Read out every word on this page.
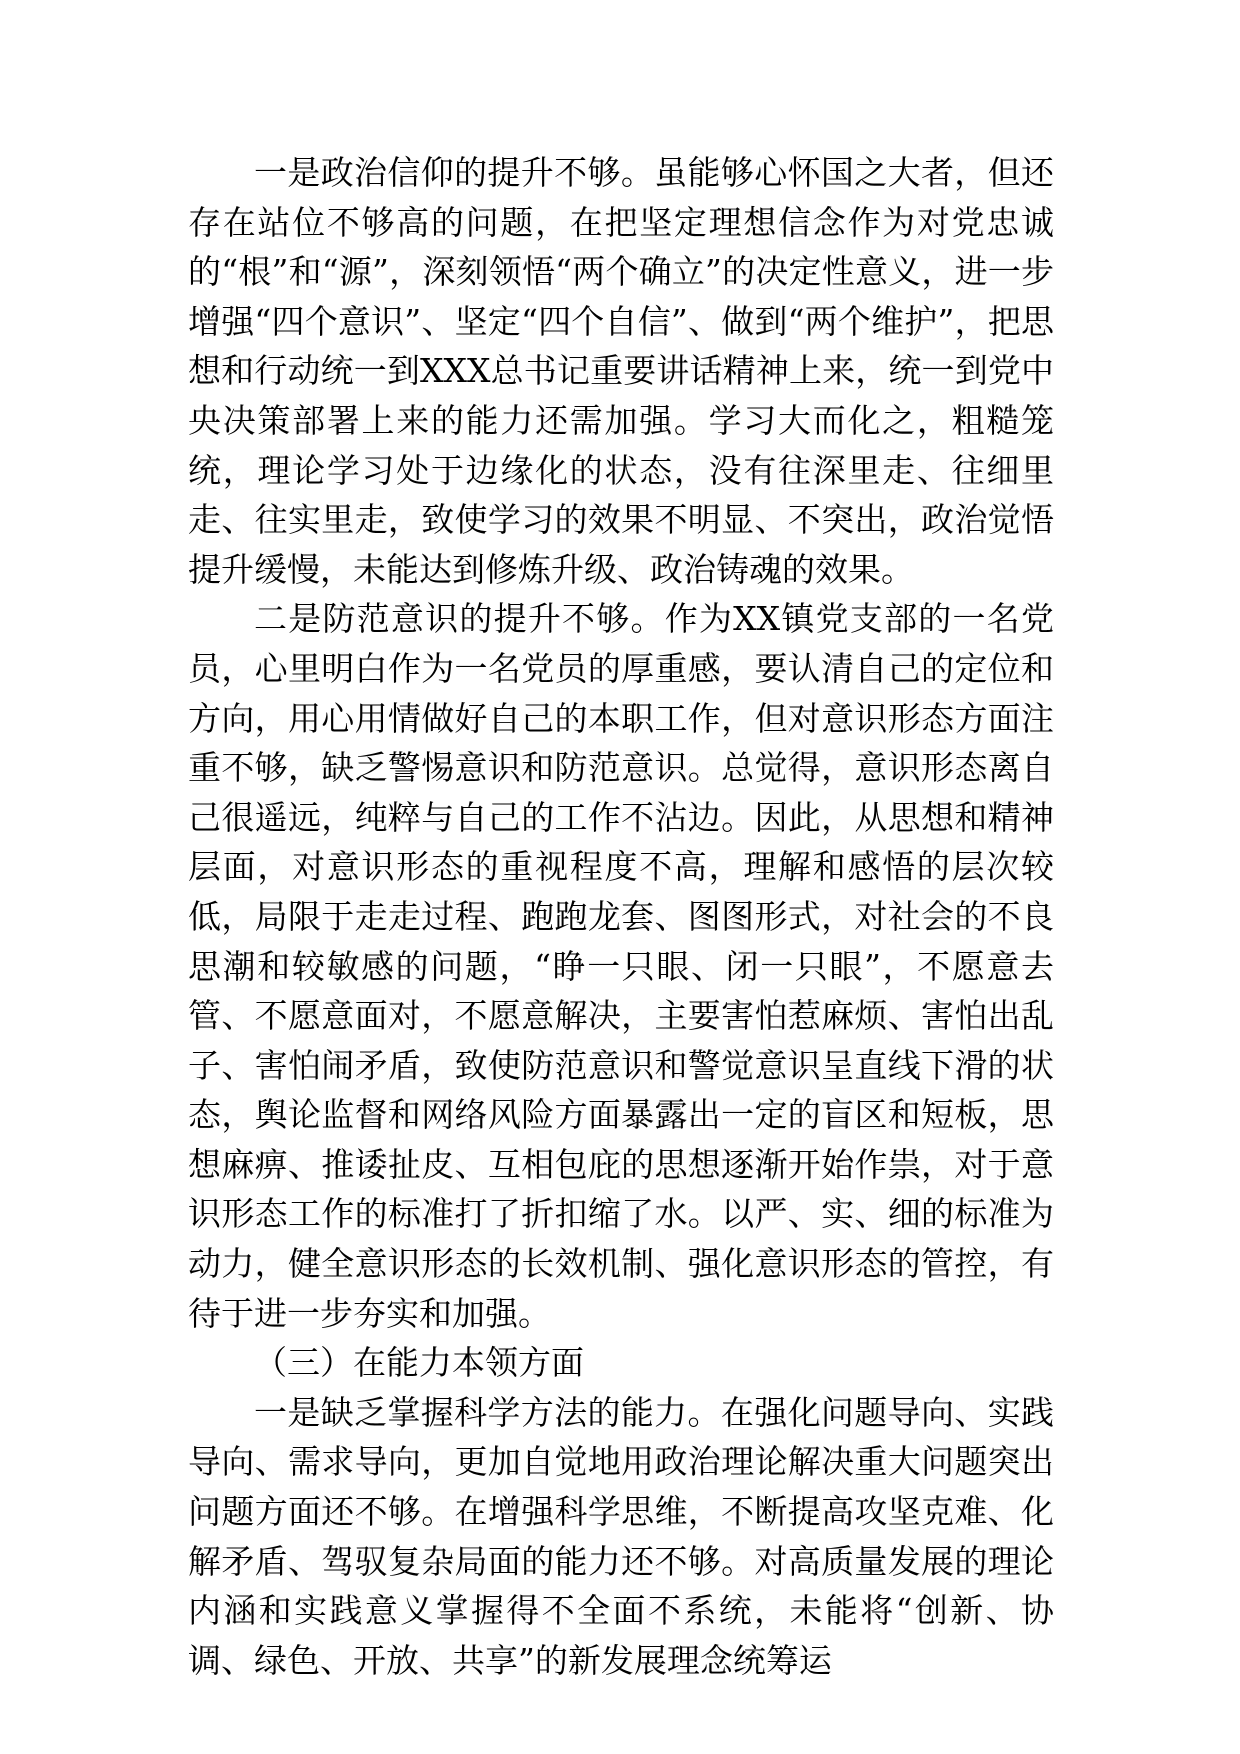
一是政治信仰的提升不够。虽能够心怀国之大者，但还存在站位不够高的问题，在把坚定理想信念作为对党忠诚的“根”和“源”，深刻领悟“两个确立”的决定性意义，进一步增强“四个意识”、坚定“四个自信”、做到“两个维护”，把思想和行动统一到XXX总书记重要讲话精神上来，统一到党中央决策部署上来的能力还需加强。学习大而化之，粗糙笼统，理论学习处于边缘化的状态，没有往深里走、往细里走、往实里走，致使学习的效果不明显、不突出，政治觉悟提升缓慢，未能达到修炼升级、政治铸魂的效果。

二是防范意识的提升不够。作为XX镇党支部的一名党员，心里明白作为一名党员的厚重感，要认清自己的定位和方向，用心用情做好自己的本职工作，但对意识形态方面注重不够，缺乏警惕意识和防范意识。总觉得，意识形态离自己很遥远，纯粹与自己的工作不沾边。因此，从思想和精神层面，对意识形态的重视程度不高，理解和感悟的层次较低，局限于走走过程、跑跑龙套、图图形式，对社会的不良思潮和较敏感的问题，“睁一只眼、闭一只眼”，不愿意去管、不愿意面对，不愿意解决，主要害怕惹麻烦、害怕出乱子、害怕闹矛盾，致使防范意识和警觉意识呈直线下滑的状态，舆论监督和网络风险方面暴露出一定的盲区和短板，思想麻痹、推诿扯皮、互相包庇的思想逐渐开始作祟，对于意识形态工作的标准打了折扣缩了水。以严、实、细的标准为动力，健全意识形态的长效机制、强化意识形态的管控，有待于进一步夯实和加强。

（三）在能力本领方面

一是缺乏掌握科学方法的能力。在强化问题导向、实践导向、需求导向，更加自觉地用政治理论解决重大问题突出问题方面还不够。在增强科学思维，不断提高攻坚克难、化解矛盾、驾驭复杂局面的能力还不够。对高质量发展的理论内涵和实践意义掌握得不全面不系统，未能将“创新、协调、绿色、开放、共享”的新发展理念统筹运
